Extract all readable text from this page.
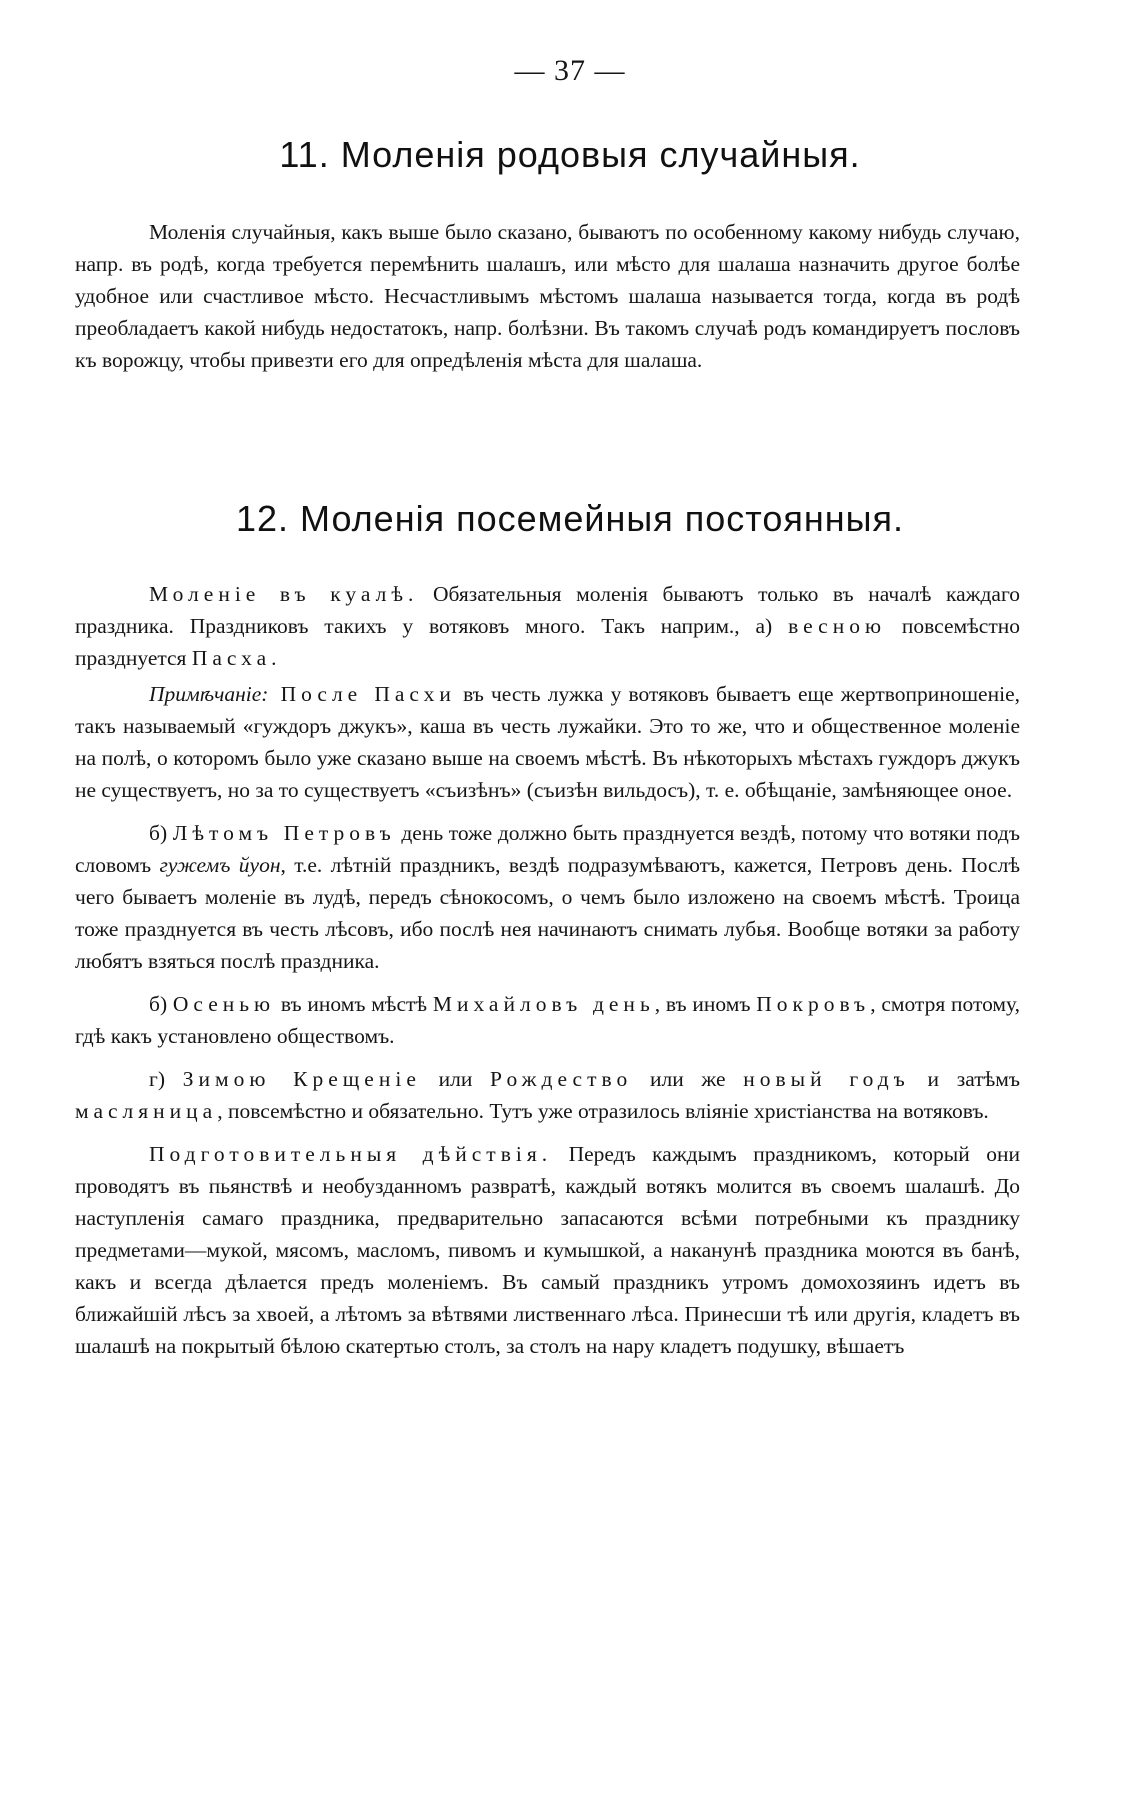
— 37 —
11. Моленія родовыя случайныя.

Моленія случайныя, какъ выше было сказано, бываютъ по особенному какому нибудь случаю, напр. въ родѣ, когда требуется перемѣнить шалашъ, или мѣсто для шалаша назначить другое болѣе удобное или счастливое мѣсто. Несчастливымъ мѣстомъ шалаша называется тогда, когда въ родѣ преобладаетъ какой нибудь недостатокъ, напр. болѣзни. Въ такомъ случаѣ родъ командируетъ пословъ къ ворожцу, чтобы привезти его для опредѣленія мѣста для шалаша.

12. Моленія посемейныя постоянныя.

Моленіе въ куалѣ. Обязательныя моленія бываютъ только въ началѣ каждаго праздника. Праздниковъ такихъ у вотяковъ много. Такъ наприм., а) весною повсемѣстно празднуется Пасха.

Примѣчаніе: После Пасхи въ честь лужка у вотяковъ бываетъ еще жертвоприношеніе, такъ называемый «гуждоръ джукъ», каша въ честь лужайки. Это то же, что и общественное моленіе на полѣ, о которомъ было уже сказано выше на своемъ мѣстѣ. Въ нѣкоторыхъ мѣстахъ гуждоръ джукъ не существуетъ, но за то существуетъ «съизѣнъ» (съизѣн вильдосъ), т. е. обѣщаніе, замѣняющее оное.

б) Лѣтомъ Петровъ день тоже должно быть празднуется вездѣ, потому что вотяки подъ словомъ гужемъ йуон, т.е. лѣтній праздникъ, вездѣ подразумѣваютъ, кажется, Петровъ день. Послѣ чего бываетъ моленіе въ лудѣ, передъ сѣнокосомъ, о чемъ было изложено на своемъ мѣстѣ. Троица тоже празднуется въ честь лѣсовъ, ибо послѣ нея начинаютъ снимать лубья. Вообще вотяки за работу любятъ взяться послѣ праздника.

б) Осенью въ иномъ мѣстѣ Михайловъ день, въ иномъ Покровъ, смотря потому, гдѣ какъ установлено обществомъ.

г) Зимою Крещеніе или Рождество или же новый годъ и затѣмъ масляница, повсемѣстно и обязательно. Тутъ уже отразилось вліяніе христіанства на вотяковъ.

Подготовительныя дѣйствія. Передъ каждымъ праздникомъ, который они проводятъ въ пьянствѣ и необузданномъ развратѣ, каждый вотякъ молится въ своемъ шалашѣ. До наступленія самаго праздника, предварительно запасаются всѣми потребными къ празднику предметами—мукой, мясомъ, масломъ, пивомъ и кумышкой, а наканунѣ праздника моются въ банѣ, какъ и всегда дѣлается предъ моленіемъ. Въ самый праздникъ утромъ домохозяинъ идетъ въ ближайшій лѣсъ за хвоей, а лѣтомъ за вѣтвями лиственнаго лѣса. Принесши тѣ или другія, кладетъ въ шалашѣ на покрытый бѣлою скатертью столъ, за столъ на нару кладетъ подушку, вѣшаетъ
